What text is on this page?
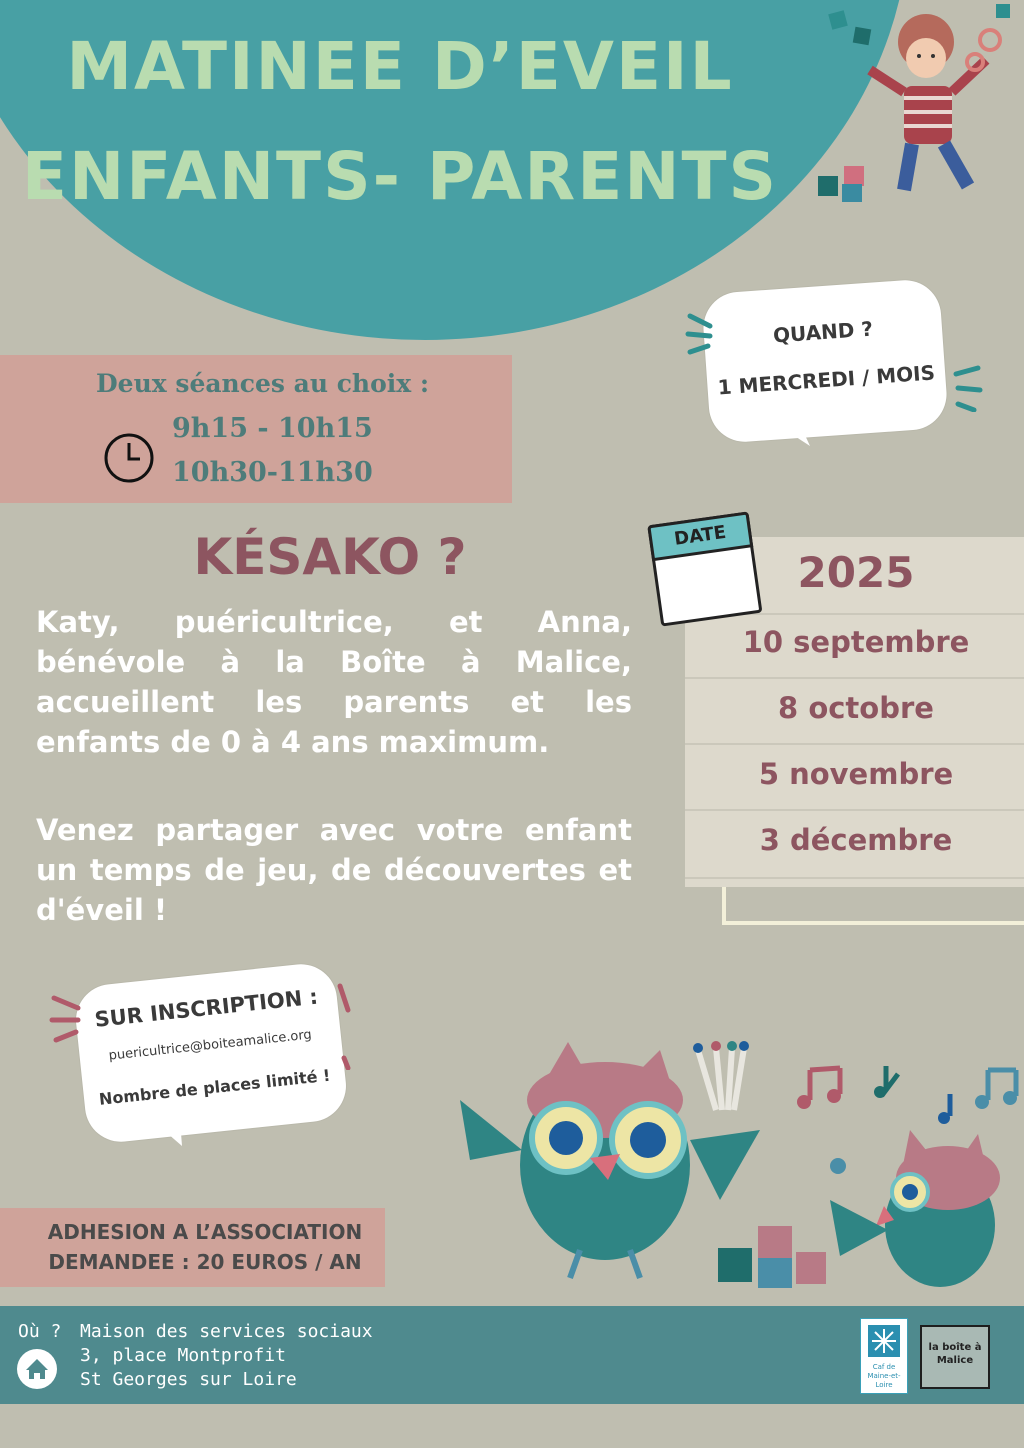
MATINEE D’EVEIL
ENFANTS- PARENTS
QUAND ?
1 MERCREDI / MOIS
Deux séances au choix :
9h15 - 10h15
10h30-11h30
KÉSAKO ?
Katy, puéricultrice, et Anna, bénévole à la Boîte à Malice, accueillent les parents et les enfants de 0 à 4 ans maximum.
Venez partager avec votre enfant un temps de jeu, de découvertes et d'éveil !
2025
10 septembre
8 octobre
5 novembre
3 décembre
DATE
SUR INSCRIPTION :
puericultrice@boiteamalice.org
Nombre de places limité !
ADHESION A L’ASSOCIATION
DEMANDEE : 20 EUROS / AN
Où ? Maison des services sociaux
3, place Montprofit
St Georges sur Loire
Caf de Maine-et-Loire
la boîte à Malice
